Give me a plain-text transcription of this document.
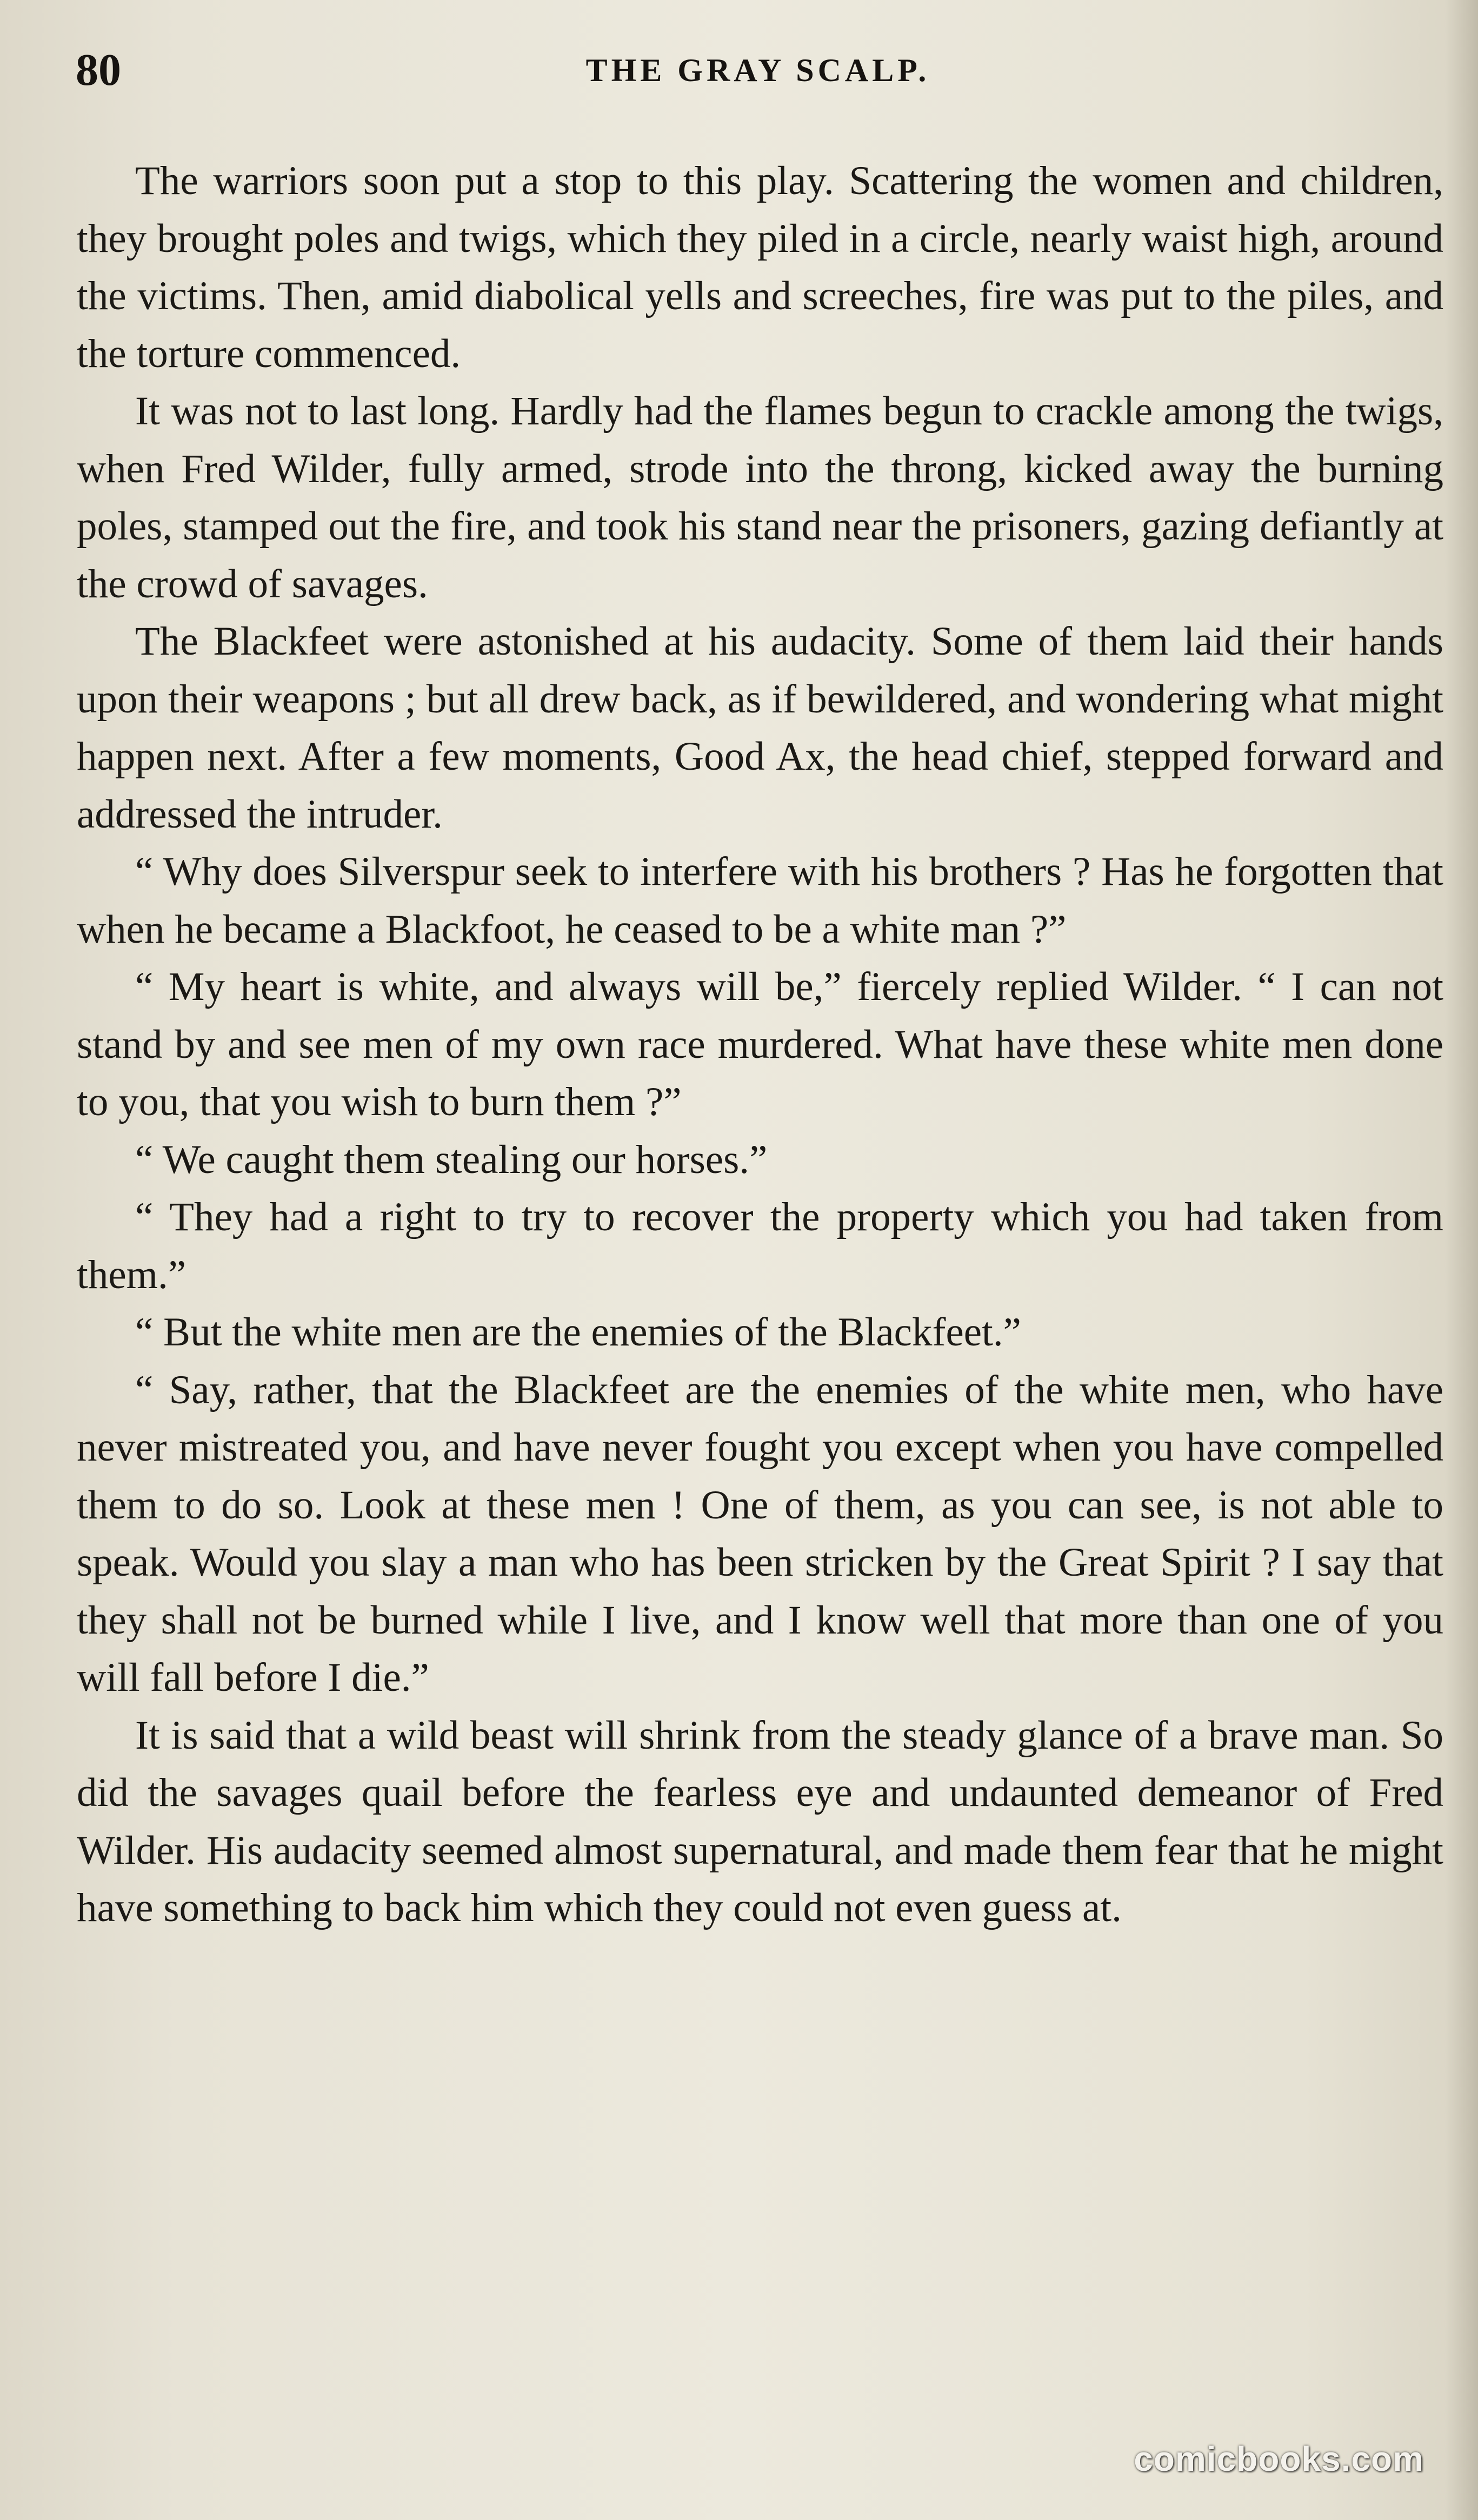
80	THE GRAY SCALP.

The warriors soon put a stop to this play. Scattering the women and children, they brought poles and twigs, which they piled in a circle, nearly waist high, around the victims. Then, amid diabolical yells and screeches, fire was put to the piles, and the torture commenced.

It was not to last long. Hardly had the flames begun to crackle among the twigs, when Fred Wilder, fully armed, strode into the throng, kicked away the burning poles, stamped out the fire, and took his stand near the prisoners, gazing defiantly at the crowd of savages.

The Blackfeet were astonished at his audacity. Some of them laid their hands upon their weapons ; but all drew back, as if bewildered, and wondering what might happen next. After a few moments, Good Ax, the head chief, stepped forward and addressed the intruder.

“ Why does Silverspur seek to interfere with his brothers ? Has he forgotten that when he became a Blackfoot, he ceased to be a white man ?”

“ My heart is white, and always will be,” fiercely replied Wilder. “ I can not stand by and see men of my own race murdered. What have these white men done to you, that you wish to burn them ?”

“ We caught them stealing our horses.”

“ They had a right to try to recover the property which you had taken from them.”

“ But the white men are the enemies of the Blackfeet.”

“ Say, rather, that the Blackfeet are the enemies of the white men, who have never mistreated you, and have never fought you except when you have compelled them to do so. Look at these men ! One of them, as you can see, is not able to speak. Would you slay a man who has been stricken by the Great Spirit ? I say that they shall not be burned while I live, and I know well that more than one of you will fall before I die.”

It is said that a wild beast will shrink from the steady glance of a brave man. So did the savages quail before the fearless eye and undaunted demeanor of Fred Wilder. His audacity seemed almost supernatural, and made them fear that he might have something to back him which they could not even guess at.

comicbooks.com
